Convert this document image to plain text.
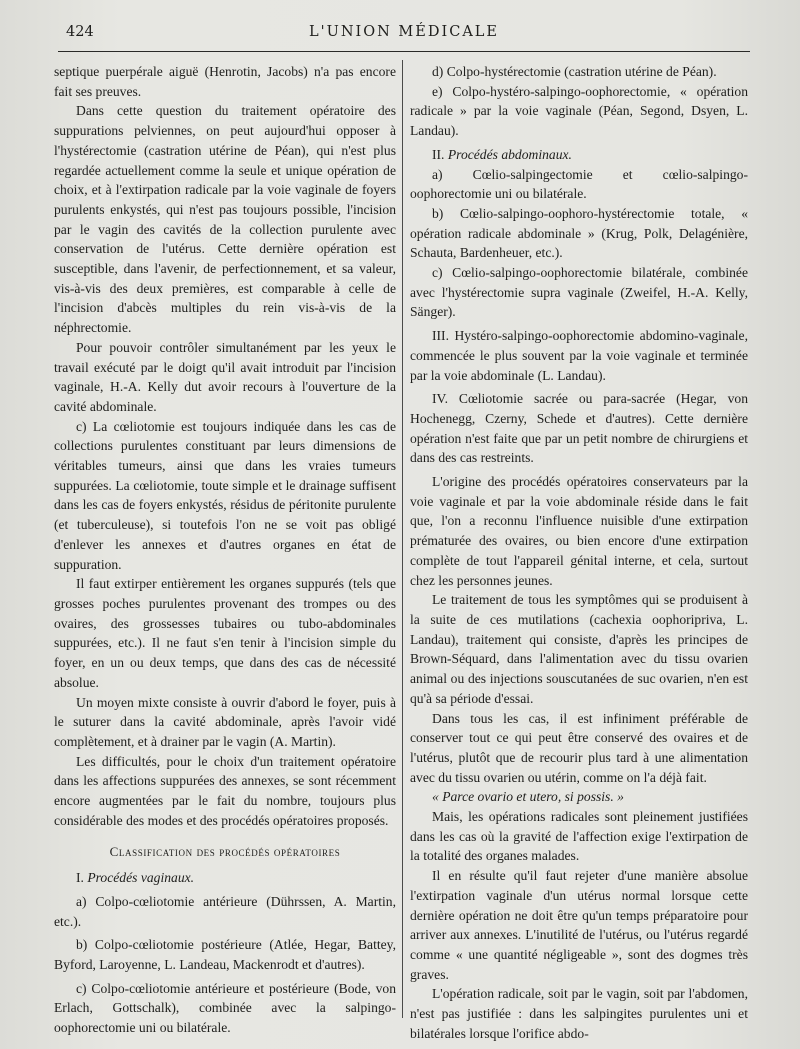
424	L'UNION MÉDICALE

septique puerpérale aiguë (Henrotin, Jacobs) n'a pas encore fait ses preuves.

Dans cette question du traitement opératoire des suppurations pelviennes, on peut aujourd'hui opposer à l'hystérectomie (castration utérine de Péan), qui n'est plus regardée actuellement comme la seule et unique opération de choix, et à l'extirpation radicale par la voie vaginale de foyers purulents enkystés, qui n'est pas toujours possible, l'incision par le vagin des cavités de la collection purulente avec conservation de l'utérus. Cette dernière opération est susceptible, dans l'avenir, de perfectionnement, et sa valeur, vis-à-vis des deux premières, est comparable à celle de l'incision d'abcès multiples du rein vis-à-vis de la néphrectomie.

Pour pouvoir contrôler simultanément par les yeux le travail exécuté par le doigt qu'il avait introduit par l'incision vaginale, H.-A. Kelly dut avoir recours à l'ouverture de la cavité abdominale.

c) La cœliotomie est toujours indiquée dans les cas de collections purulentes constituant par leurs dimensions de véritables tumeurs, ainsi que dans les vraies tumeurs suppurées. La cœliotomie, toute simple et le drainage suffisent dans les cas de foyers enkystés, résidus de péritonite purulente (et tuberculeuse), si toutefois l'on ne se voit pas obligé d'enlever les annexes et d'autres organes en état de suppuration.

Il faut extirper entièrement les organes suppurés (tels que grosses poches purulentes provenant des trompes ou des ovaires, des grossesses tubaires ou tubo-abdominales suppurées, etc.). Il ne faut s'en tenir à l'incision simple du foyer, en un ou deux temps, que dans des cas de nécessité absolue.

Un moyen mixte consiste à ouvrir d'abord le foyer, puis à le suturer dans la cavité abdominale, après l'avoir vidé complètement, et à drainer par le vagin (A. Martin).

Les difficultés, pour le choix d'un traitement opératoire dans les affections suppurées des annexes, se sont récemment encore augmentées par le fait du nombre, toujours plus considérable des modes et des procédés opératoires proposés.

Classification des procédés opératoires

I. Procédés vaginaux.

a) Colpo-cœliotomie antérieure (Dührssen, A. Martin, etc.).

b) Colpo-cœliotomie postérieure (Atlée, Hegar, Battey, Byford, Laroyenne, L. Landeau, Mackenrodt et d'autres).

c) Colpo-cœliotomie antérieure et postérieure (Bode, von Erlach, Gottschalk), combinée avec la salpingo-oophorectomie uni ou bilatérale.

d) Colpo-hystérectomie (castration utérine de Péan).

e) Colpo-hystéro-salpingo-oophorectomie, « opération radicale » par la voie vaginale (Péan, Segond, Dsyen, L. Landau).

II. Procédés abdominaux.

a) Cœlio-salpingectomie et cœlio-salpingo-oophorectomie uni ou bilatérale.

b) Cœlio-salpingo-oophoro-hystérectomie totale, « opération radicale abdominale » (Krug, Polk, Delagénière, Schauta, Bardenheuer, etc.).

c) Cœlio-salpingo-oophorectomie bilatérale, combinée avec l'hystérectomie supra vaginale (Zweifel, H.-A. Kelly, Sänger).

III. Hystéro-salpingo-oophorectomie abdomino-vaginale, commencée le plus souvent par la voie vaginale et terminée par la voie abdominale (L. Landau).

IV. Cœliotomie sacrée ou para-sacrée (Hegar, von Hochenegg, Czerny, Schede et d'autres). Cette dernière opération n'est faite que par un petit nombre de chirurgiens et dans des cas restreints.

L'origine des procédés opératoires conservateurs par la voie vaginale et par la voie abdominale réside dans le fait que, l'on a reconnu l'influence nuisible d'une extirpation prématurée des ovaires, ou bien encore d'une extirpation complète de tout l'appareil génital interne, et cela, surtout chez les personnes jeunes.

Le traitement de tous les symptômes qui se produisent à la suite de ces mutilations (cachexia oophoripriva, L. Landau), traitement qui consiste, d'après les principes de Brown-Séquard, dans l'alimentation avec du tissu ovarien animal ou des injections souscutanées de suc ovarien, n'en est qu'à sa période d'essai.

Dans tous les cas, il est infiniment préférable de conserver tout ce qui peut être conservé des ovaires et de l'utérus, plutôt que de recourir plus tard à une alimentation avec du tissu ovarien ou utérin, comme on l'a déjà fait.

« Parce ovario et utero, si possis. »

Mais, les opérations radicales sont pleinement justifiées dans les cas où la gravité de l'affection exige l'extirpation de la totalité des organes malades.

Il en résulte qu'il faut rejeter d'une manière absolue l'extirpation vaginale d'un utérus normal lorsque cette dernière opération ne doit être qu'un temps préparatoire pour arriver aux annexes. L'inutilité de l'utérus, ou l'utérus regardé comme « une quantité négligeable », sont des dogmes très graves.

L'opération radicale, soit par le vagin, soit par l'abdomen, n'est pas justifiée : dans les salpingites purulentes uni et bilatérales lorsque l'orifice abdo-
